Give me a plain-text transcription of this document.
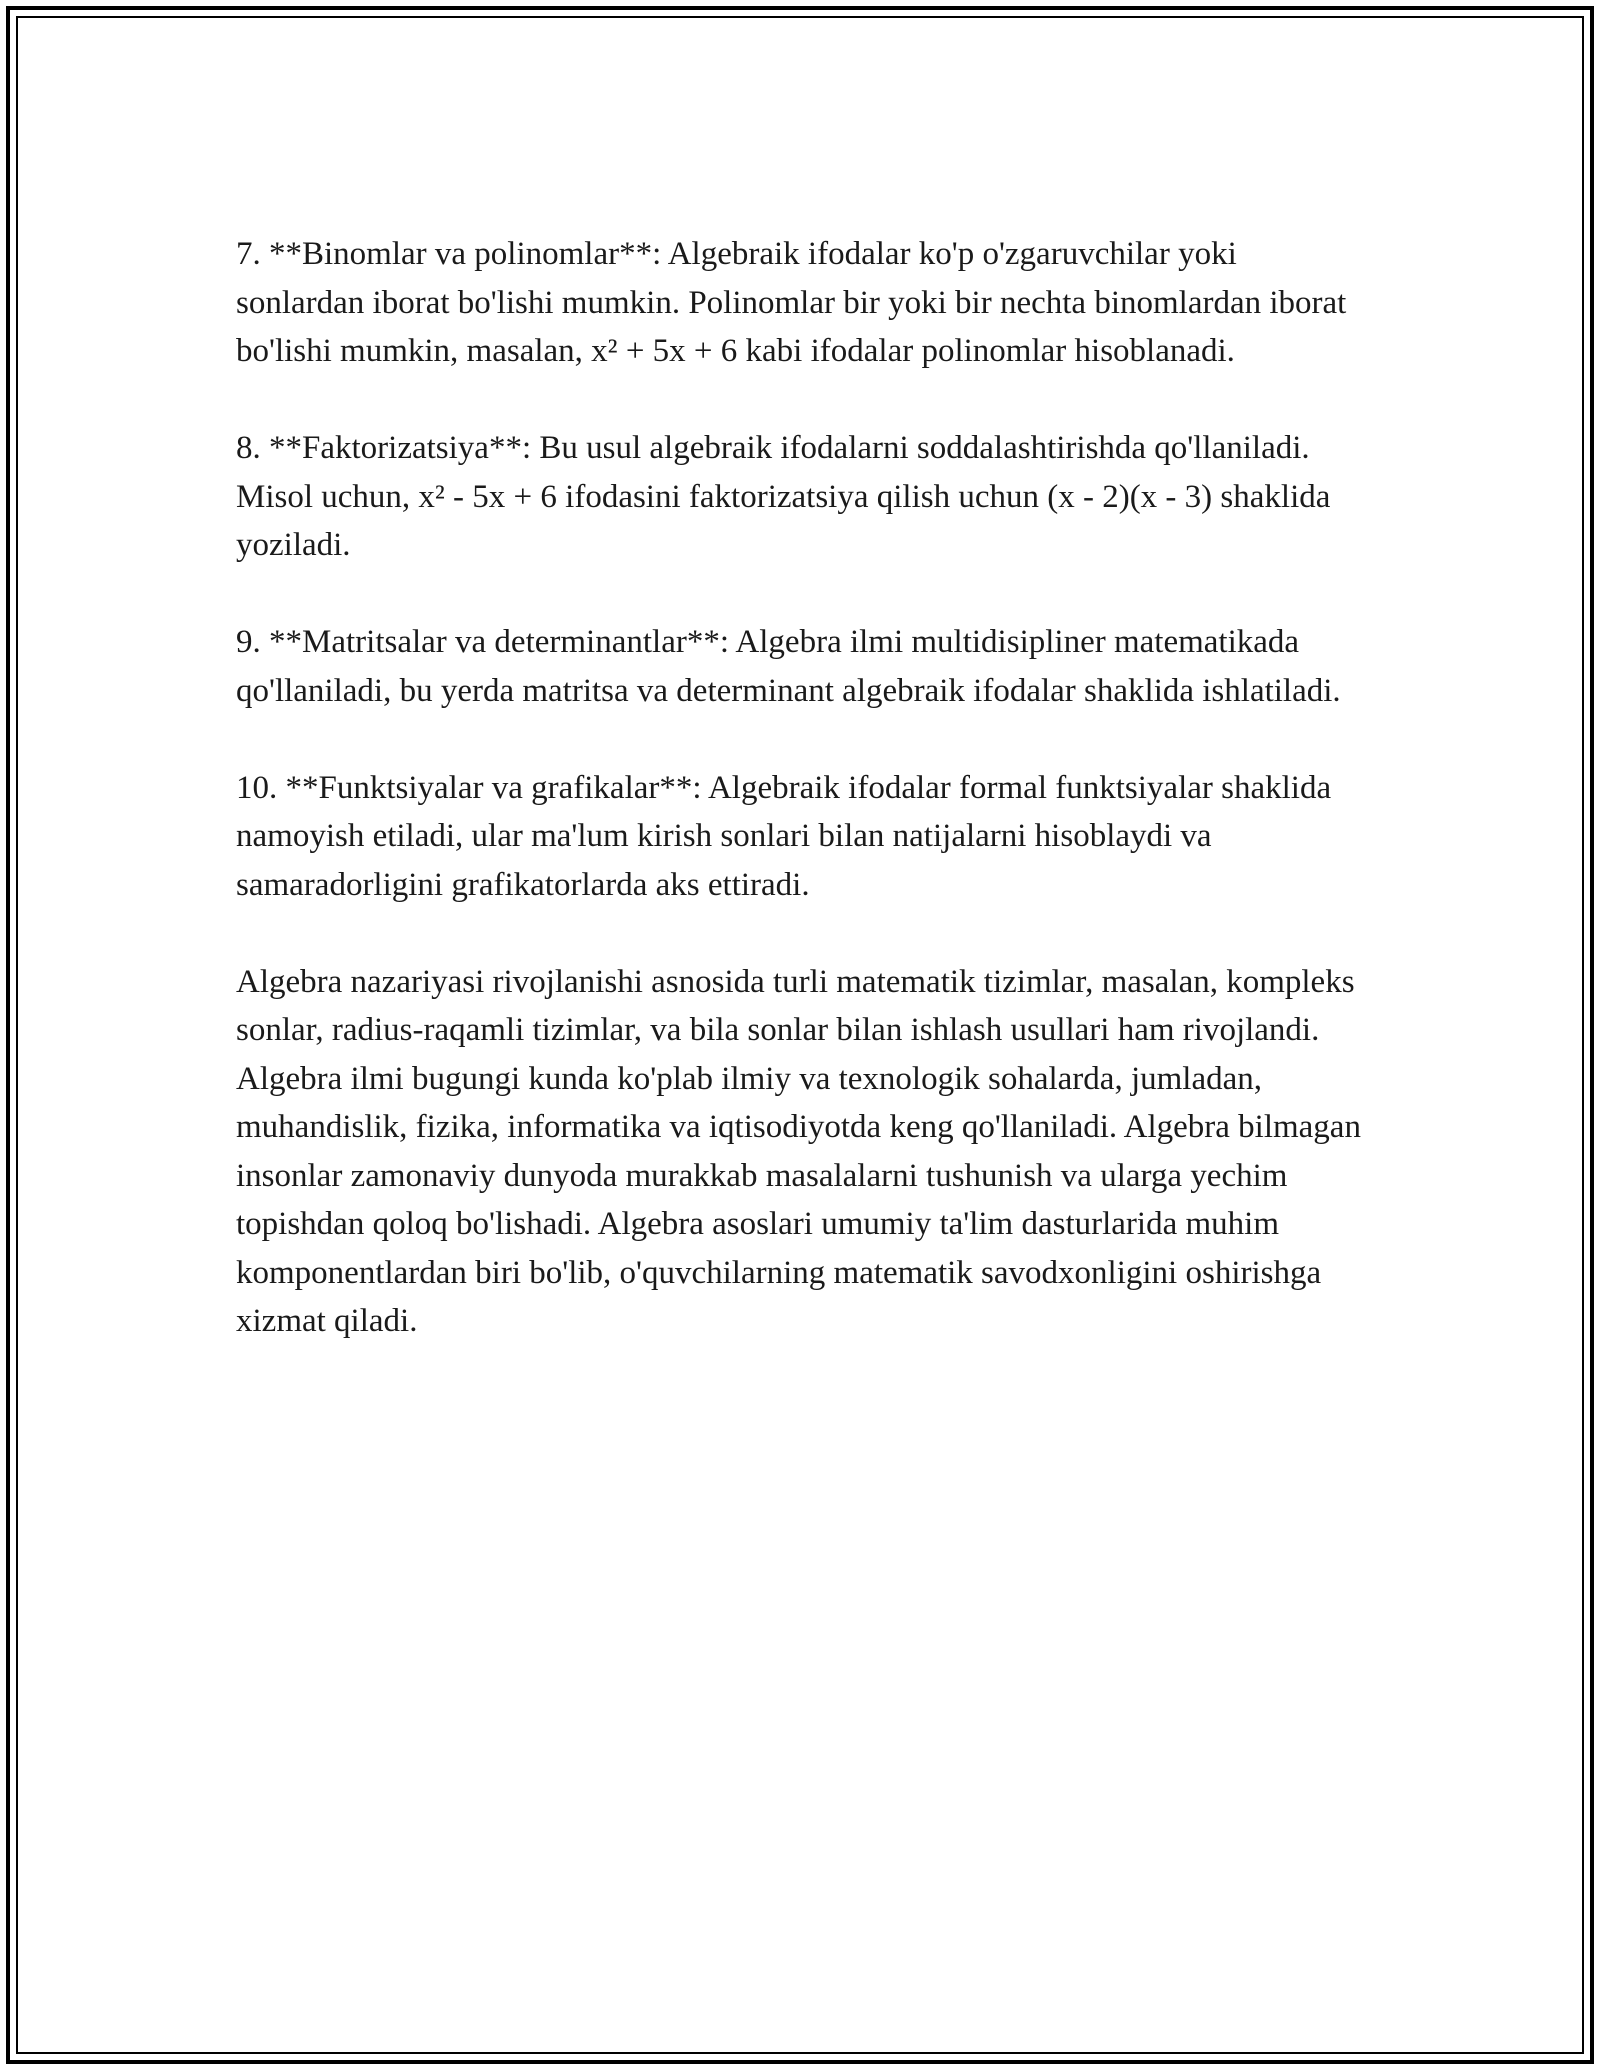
7. **Binomlar va polinomlar**: Algebraik ifodalar ko'p o'zgaruvchilar yoki sonlardan iborat bo'lishi mumkin. Polinomlar bir yoki bir nechta binomlardan iborat bo'lishi mumkin, masalan, x² + 5x + 6 kabi ifodalar polinomlar hisoblanadi.

8. **Faktorizatsiya**: Bu usul algebraik ifodalarni soddalashtirishda qo'llaniladi. Misol uchun, x² - 5x + 6 ifodasini faktorizatsiya qilish uchun (x - 2)(x - 3) shaklida yoziladi.

9. **Matritsalar va determinantlar**: Algebra ilmi multidisipliner matematikada qo'llaniladi, bu yerda matritsa va determinant algebraik ifodalar shaklida ishlatiladi.

10. **Funktsiyalar va grafikalar**: Algebraik ifodalar formal funktsiyalar shaklida namoyish etiladi, ular ma'lum kirish sonlari bilan natijalarni hisoblaydi va samaradorligini grafikatorlarda aks ettiradi.

Algebra nazariyasi rivojlanishi asnosida turli matematik tizimlar, masalan, kompleks sonlar, radius-raqamli tizimlar, va bila sonlar bilan ishlash usullari ham rivojlandi. Algebra ilmi bugungi kunda ko'plab ilmiy va texnologik sohalarda, jumladan, muhandislik, fizika, informatika va iqtisodiyotda keng qo'llaniladi. Algebra bilmagan insonlar zamonaviy dunyoda murakkab masalalarni tushunish va ularga yechim topishdan qoloq bo'lishadi. Algebra asoslari umumiy ta'lim dasturlarida muhim komponentlardan biri bo'lib, o'quvchilarning matematik savodxonligini oshirishga xizmat qiladi.
